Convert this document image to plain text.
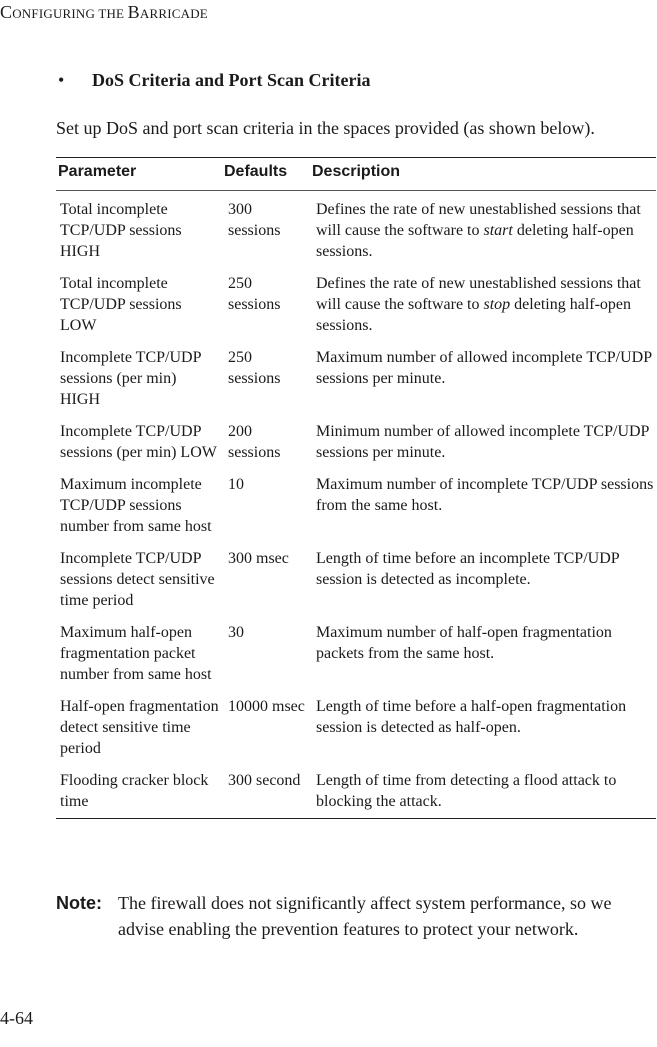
CONFIGURING THE BARRICADE
• DoS Criteria and Port Scan Criteria
Set up DoS and port scan criteria in the spaces provided (as shown below).
Parameter	Defaults	Description
Total incomplete TCP/UDP sessions HIGH	300 sessions	Defines the rate of new unestablished sessions that will cause the software to start deleting half-open sessions.
Total incomplete TCP/UDP sessions LOW	250 sessions	Defines the rate of new unestablished sessions that will cause the software to stop deleting half-open sessions.
Incomplete TCP/UDP sessions (per min) HIGH	250 sessions	Maximum number of allowed incomplete TCP/UDP sessions per minute.
Incomplete TCP/UDP sessions (per min) LOW	200 sessions	Minimum number of allowed incomplete TCP/UDP sessions per minute.
Maximum incomplete TCP/UDP sessions number from same host	10	Maximum number of incomplete TCP/UDP sessions from the same host.
Incomplete TCP/UDP sessions detect sensitive time period	300 msec	Length of time before an incomplete TCP/UDP session is detected as incomplete.
Maximum half-open fragmentation packet number from same host	30	Maximum number of half-open fragmentation packets from the same host.
Half-open fragmentation detect sensitive time period	10000 msec	Length of time before a half-open fragmentation session is detected as half-open.
Flooding cracker block time	300 second	Length of time from detecting a flood attack to blocking the attack.
Note: The firewall does not significantly affect system performance, so we advise enabling the prevention features to protect your network.
4-64
